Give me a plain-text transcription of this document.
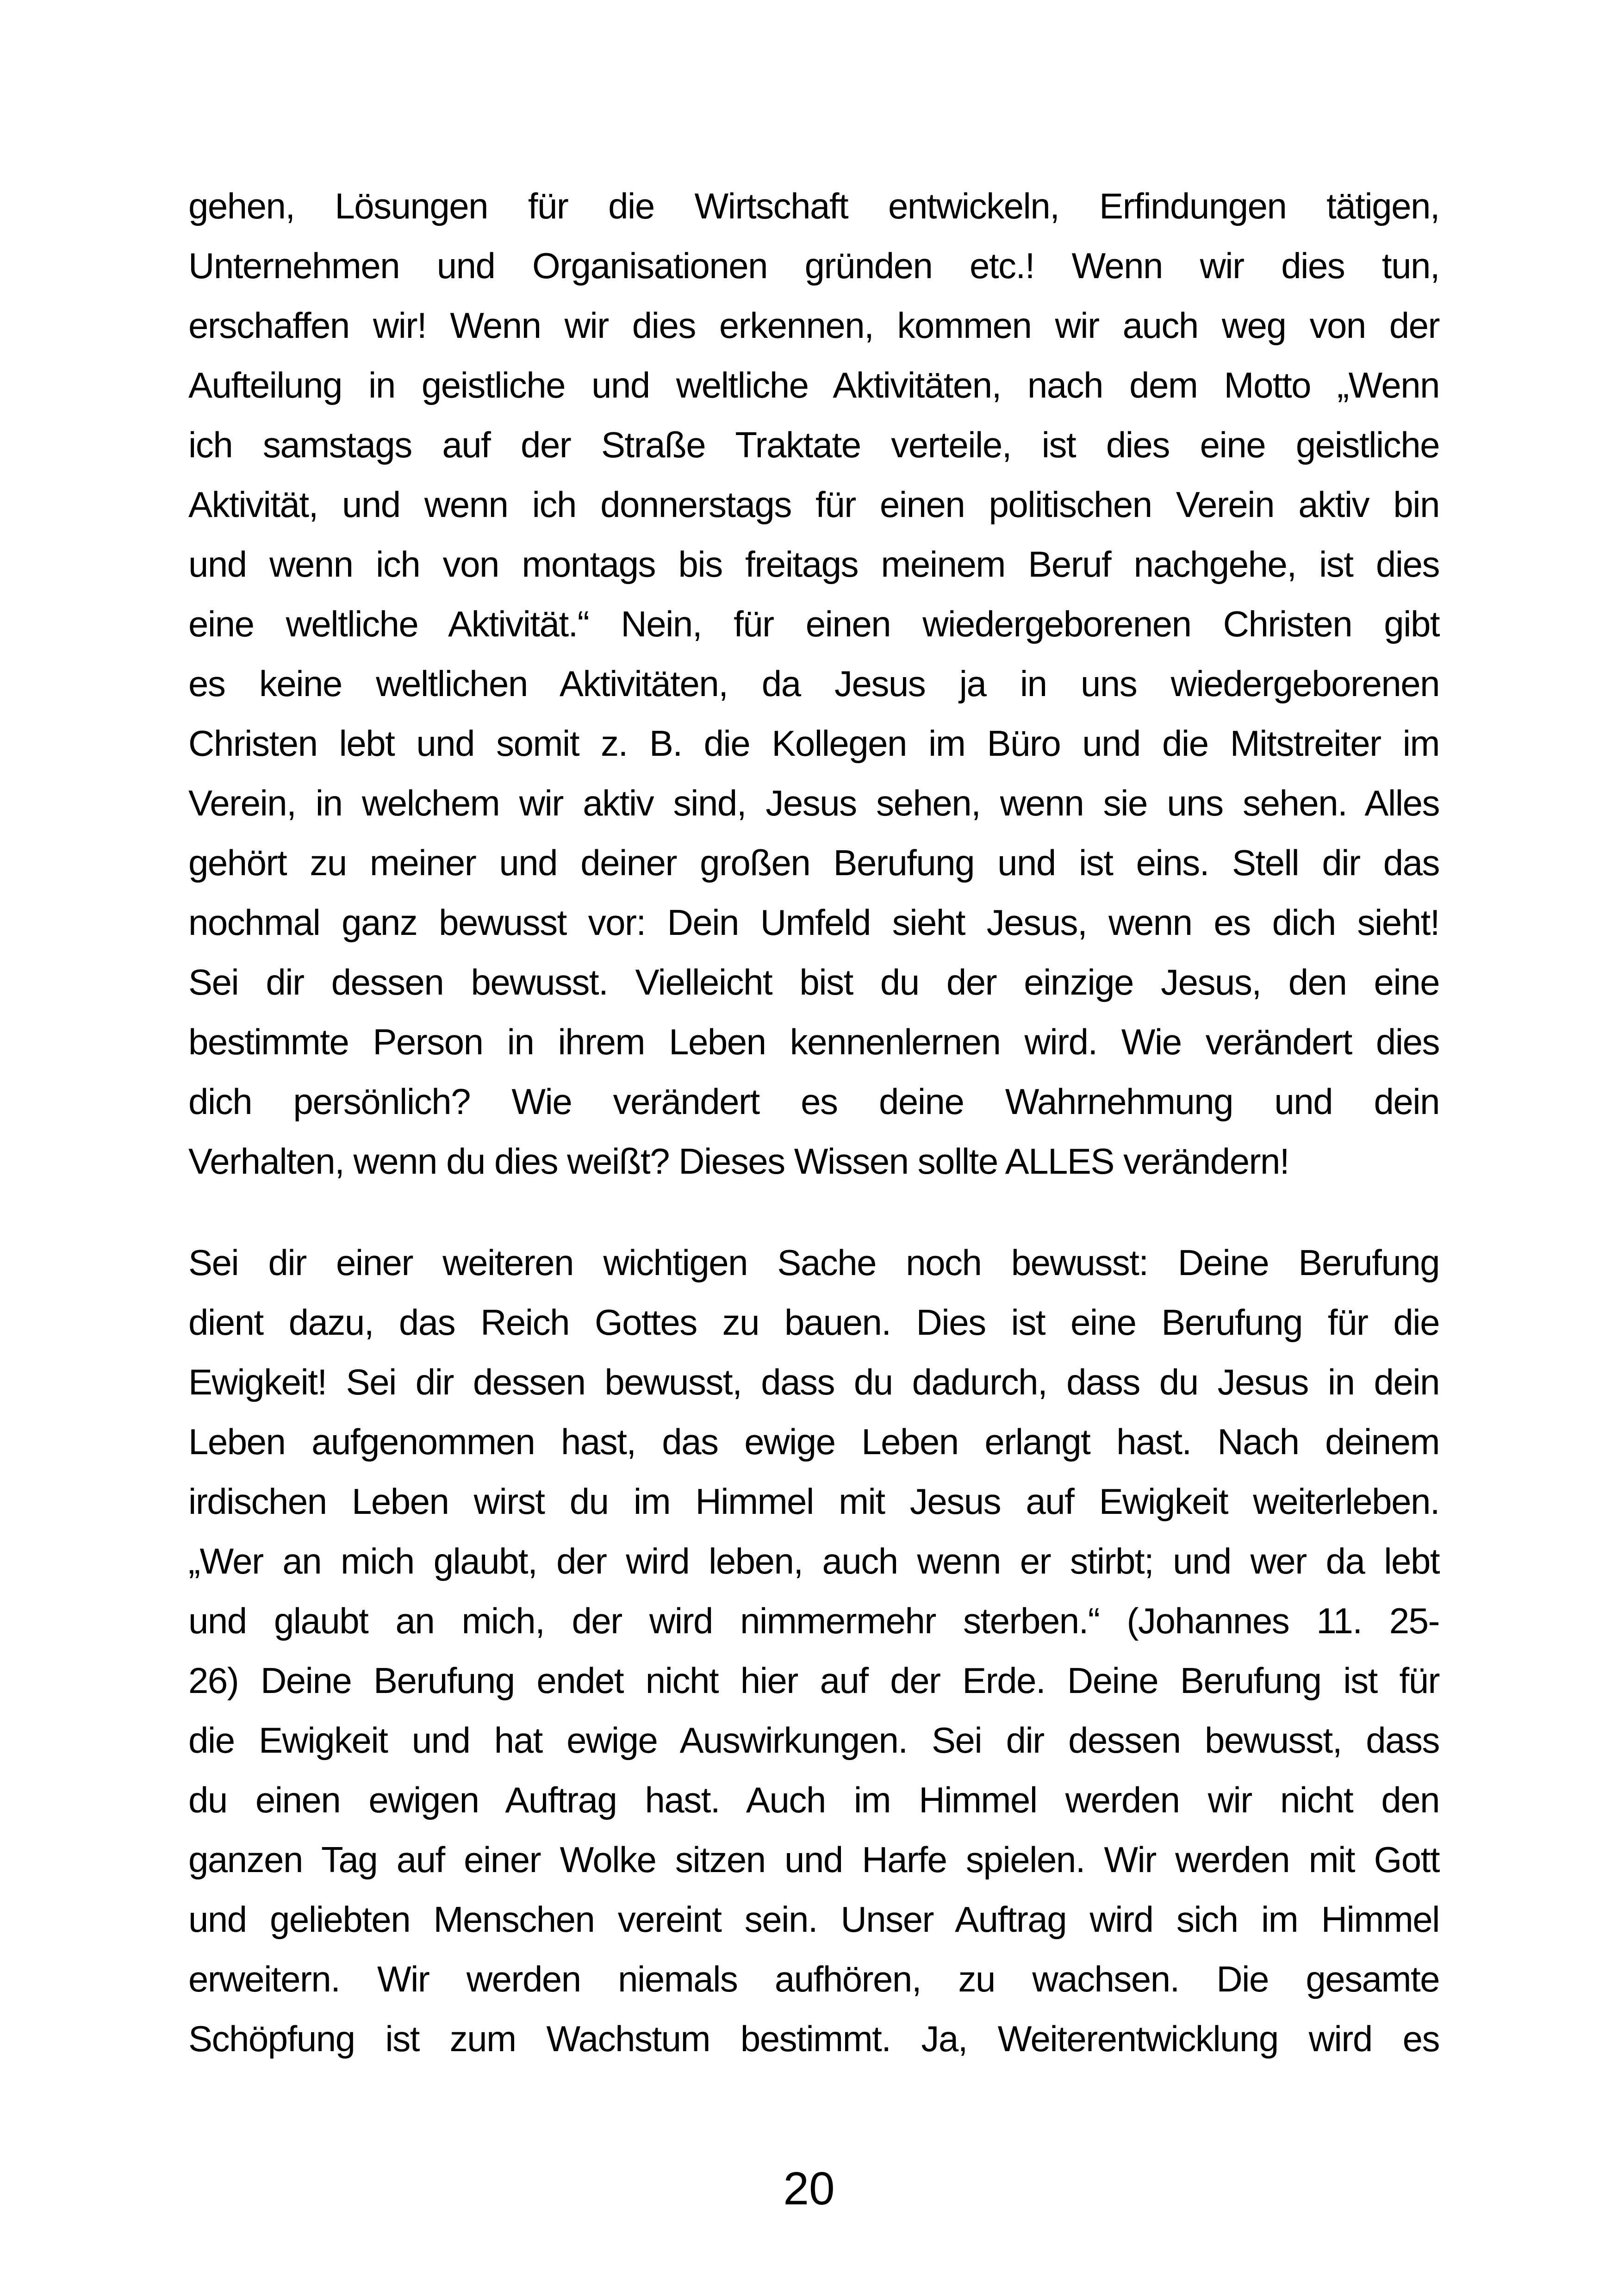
gehen, Lösungen für die Wirtschaft entwickeln, Erfindungen tätigen,
Unternehmen und Organisationen gründen etc.! Wenn wir dies tun,
erschaffen wir! Wenn wir dies erkennen, kommen wir auch weg von der
Aufteilung in geistliche und weltliche Aktivitäten, nach dem Motto „Wenn
ich samstags auf der Straße Traktate verteile, ist dies eine geistliche
Aktivität, und wenn ich donnerstags für einen politischen Verein aktiv bin
und wenn ich von montags bis freitags meinem Beruf nachgehe, ist dies
eine weltliche Aktivität.“ Nein, für einen wiedergeborenen Christen gibt
es keine weltlichen Aktivitäten, da Jesus ja in uns wiedergeborenen
Christen lebt und somit z. B. die Kollegen im Büro und die Mitstreiter im
Verein, in welchem wir aktiv sind, Jesus sehen, wenn sie uns sehen. Alles
gehört zu meiner und deiner großen Berufung und ist eins. Stell dir das
nochmal ganz bewusst vor: Dein Umfeld sieht Jesus, wenn es dich sieht!
Sei dir dessen bewusst. Vielleicht bist du der einzige Jesus, den eine
bestimmte Person in ihrem Leben kennenlernen wird. Wie verändert dies
dich persönlich? Wie verändert es deine Wahrnehmung und dein
Verhalten, wenn du dies weißt? Dieses Wissen sollte ALLES verändern!
Sei dir einer weiteren wichtigen Sache noch bewusst: Deine Berufung
dient dazu, das Reich Gottes zu bauen. Dies ist eine Berufung für die
Ewigkeit! Sei dir dessen bewusst, dass du dadurch, dass du Jesus in dein
Leben aufgenommen hast, das ewige Leben erlangt hast. Nach deinem
irdischen Leben wirst du im Himmel mit Jesus auf Ewigkeit weiterleben.
„Wer an mich glaubt, der wird leben, auch wenn er stirbt; und wer da lebt
und glaubt an mich, der wird nimmermehr sterben.“ (Johannes 11. 25-
26) Deine Berufung endet nicht hier auf der Erde. Deine Berufung ist für
die Ewigkeit und hat ewige Auswirkungen. Sei dir dessen bewusst, dass
du einen ewigen Auftrag hast. Auch im Himmel werden wir nicht den
ganzen Tag auf einer Wolke sitzen und Harfe spielen. Wir werden mit Gott
und geliebten Menschen vereint sein. Unser Auftrag wird sich im Himmel
erweitern. Wir werden niemals aufhören, zu wachsen. Die gesamte
Schöpfung ist zum Wachstum bestimmt. Ja, Weiterentwicklung wird es
20
